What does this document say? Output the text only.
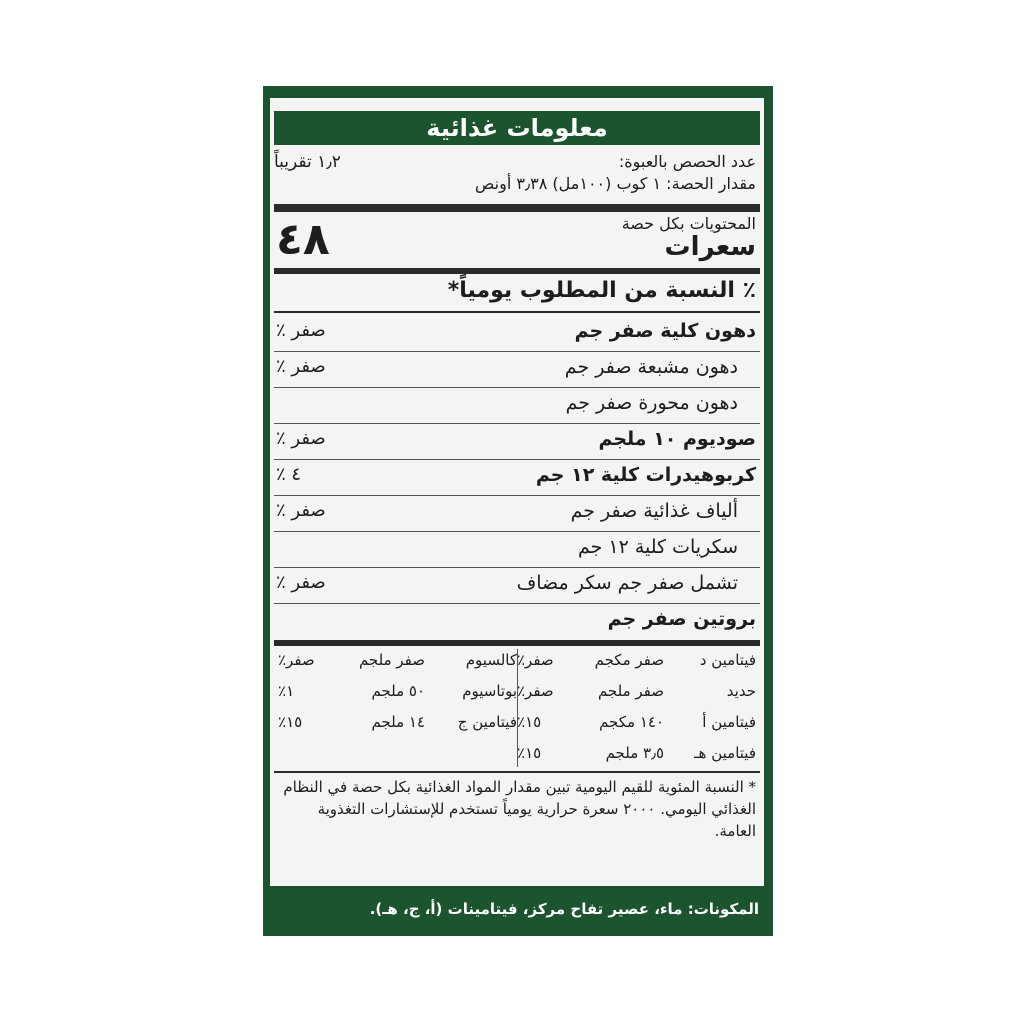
معلومات غذائية
عدد الحصص بالعبوة:
١٫٢ تقريباً
مقدار الحصة: ١ كوب (١٠٠مل) ٣٫٣٨ أونص
المحتويات بكل حصة
سعرات
٤٨
٪ النسبة من المطلوب يومياً*
دهون كلية صفر جم
صفر ٪
دهون مشبعة صفر جم
صفر ٪
دهون محورة صفر جم
صوديوم ١٠ ملجم
صفر ٪
كربوهيدرات كلية ١٢ جم
٤ ٪
ألياف غذائية صفر جم
صفر ٪
سكريات كلية ١٢ جم
تشمل صفر جم سكر مضاف
صفر ٪
بروتين صفر جم
فيتامين د
صفر مكجم
صفر٪
حديد
صفر ملجم
صفر٪
فيتامين أ
١٤٠ مكجم
١٥٪
فيتامين هـ
٣٫٥ ملجم
١٥٪
كالسيوم
صفر ملجم
صفر٪
بوتاسيوم
٥٠ ملجم
١٪
فيتامين ج
١٤ ملجم
١٥٪
* النسبة المئوية للقيم اليومية تبين مقدار المواد الغذائية بكل حصة في النظام الغذائي اليومي. ٢٠٠٠ سعرة حرارية يومياً تستخدم للإستشارات التغذوية العامة.
المكونات: ماء، عصير تفاح مركز، فيتامينات (أ، ج، هـ).
